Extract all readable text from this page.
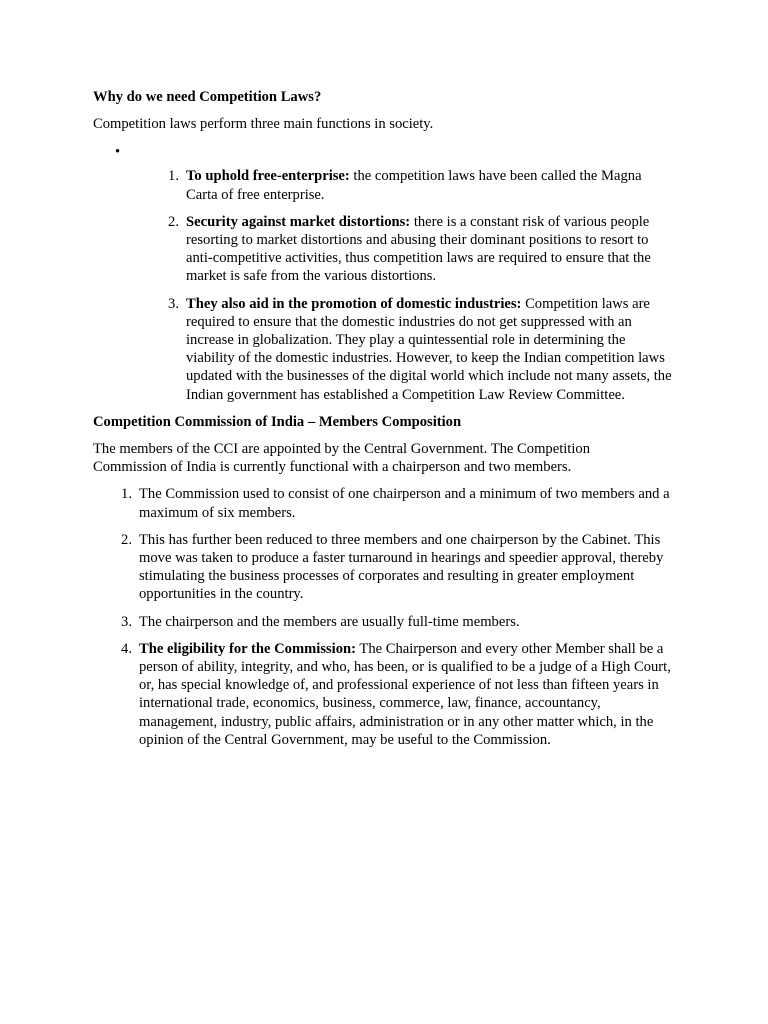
Why do we need Competition Laws?

Competition laws perform three main functions in society.

•
1. To uphold free-enterprise: the competition laws have been called the Magna Carta of free enterprise.
2. Security against market distortions: there is a constant risk of various people resorting to market distortions and abusing their dominant positions to resort to anti-competitive activities, thus competition laws are required to ensure that the market is safe from the various distortions.
3. They also aid in the promotion of domestic industries: Competition laws are required to ensure that the domestic industries do not get suppressed with an increase in globalization. They play a quintessential role in determining the viability of the domestic industries. However, to keep the Indian competition laws updated with the businesses of the digital world which include not many assets, the Indian government has established a Competition Law Review Committee.
Competition Commission of India – Members Composition

The members of the CCI are appointed by the Central Government. The Competition Commission of India is currently functional with a chairperson and two members.

1. The Commission used to consist of one chairperson and a minimum of two members and a maximum of six members.
2. This has further been reduced to three members and one chairperson by the Cabinet. This move was taken to produce a faster turnaround in hearings and speedier approval, thereby stimulating the business processes of corporates and resulting in greater employment opportunities in the country.
3. The chairperson and the members are usually full-time members.
4. The eligibility for the Commission: The Chairperson and every other Member shall be a person of ability, integrity, and who, has been, or is qualified to be a judge of a High Court, or, has special knowledge of, and professional experience of not less than fifteen years in international trade, economics, business, commerce, law, finance, accountancy, management, industry, public affairs, administration or in any other matter which, in the opinion of the Central Government, may be useful to the Commission.
